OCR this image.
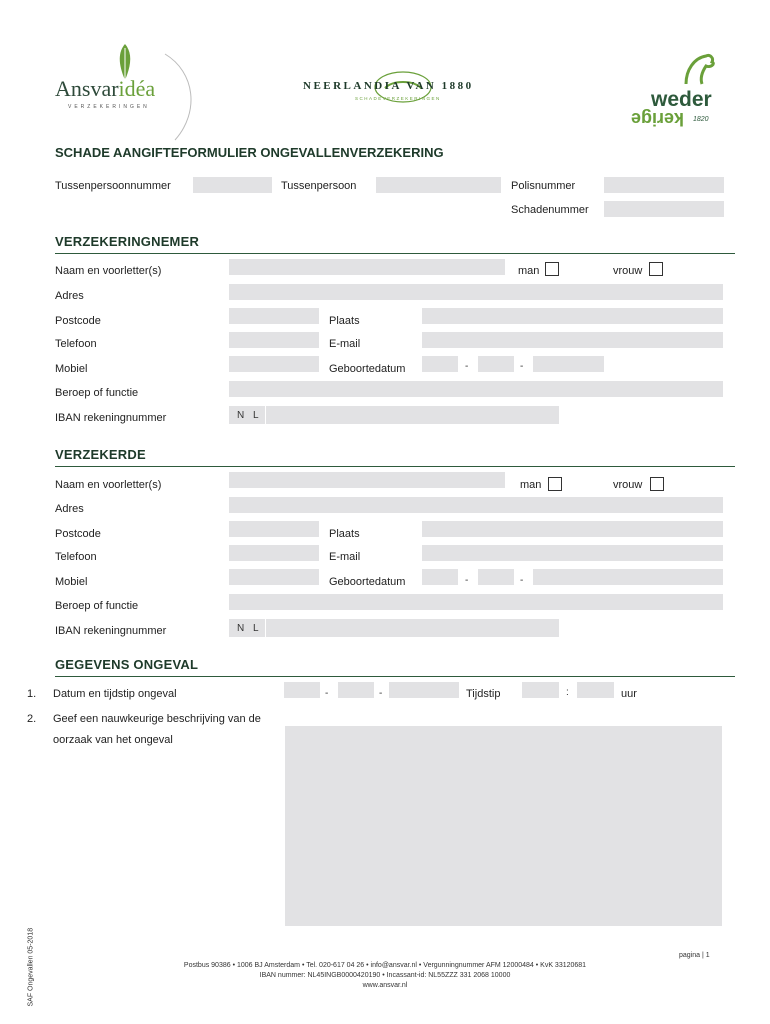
Ansvaridéa
VERZEKERINGEN
NEERLANDIA VAN 1880
SCHADEVERZEKERINGEN	weder
kerige 1820
SCHADE AANGIFTEFORMULIER ONGEVALLENVERZEKERING
Tussenpersoonnummer	Tussenpersoon	Polisnummer
Schadenummer
VERZEKERINGNEMER
Naam en voorletter(s)	man	vrouw
Adres
Postcode	Plaats
Telefoon	E-mail
Mobiel	Geboortedatum	-	-
Beroep of functie
IBAN rekeningnummer	N L
VERZEKERDE
Naam en voorletter(s)	man	vrouw
Adres
Postcode	Plaats
Telefoon	E-mail
Mobiel	Geboortedatum	-	-
Beroep of functie
IBAN rekeningnummer	N L
GEGEVENS ONGEVAL
1. Datum en tijdstip ongeval	-	-	Tijdstip	:	uur
2. Geef een nauwkeurige beschrijving van de
oorzaak van het ongeval
SAF Ongevallen 05-2018	pagina | 1
Postbus 90386 • 1006 BJ Amsterdam • Tel. 020-617 04 26 • info@ansvar.nl • Vergunningnummer AFM 12000484 • KvK 33120681
IBAN nummer: NL45INGB0000420190 • Incassant-id: NL55ZZZ 331 2068 10000
www.ansvar.nl
